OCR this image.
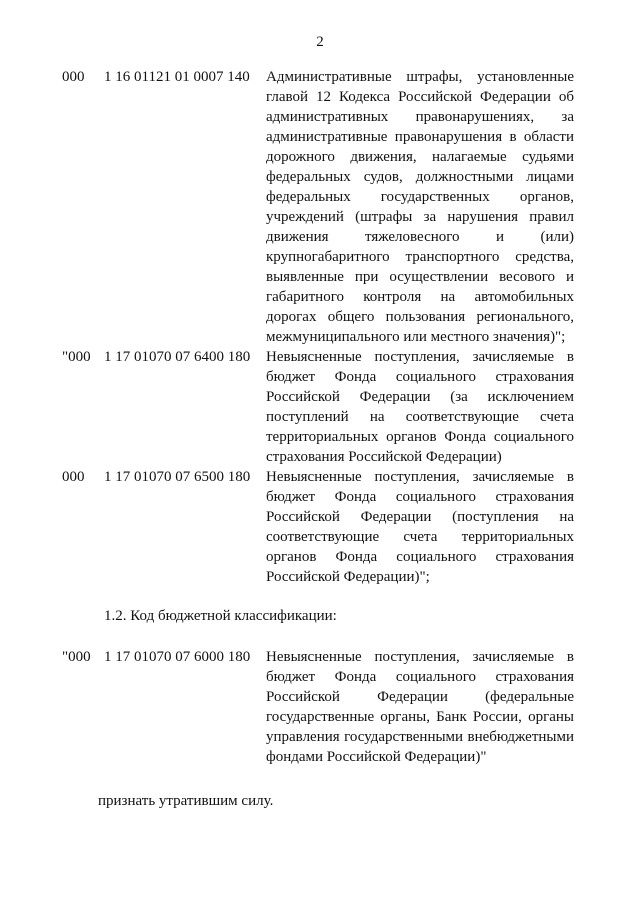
2
000	1 16 01121 01 0007 140 Административные штрафы, установленные
главой 12 Кодекса Российской Федерации об
административных правонарушениях, за
административные правонарушения в области
дорожного движения, налагаемые судьями
федеральных судов, должностными лицами
федеральных государственных органов,
учреждений (штрафы за нарушения правил
движения тяжеловесного и (или)
крупногабаритного транспортного средства,
выявленные при осуществлении весового и
габаритного контроля на автомобильных
дорогах общего пользования регионального,
межмуниципального или местного значения)";
"000 1 17 01070 07 6400 180 Невыясненные поступления, зачисляемые в
бюджет Фонда социального страхования
Российской Федерации (за исключением
поступлений на соответствующие счета
территориальных органов Фонда социального
страхования Российской Федерации)
000	1 17 01070 07 6500 180 Невыясненные поступления, зачисляемые в
бюджет Фонда социального страхования
Российской Федерации (поступления на
соответствующие счета территориальных
органов Фонда социального страхования
Российской Федерации)";
1.2. Код бюджетной классификации:
"000 1 17 01070 07 6000 180 Невыясненные поступления, зачисляемые в
бюджет Фонда социального страхования
Российской Федерации (федеральные
государственные органы, Банк России, органы
управления государственными внебюджетными
фондами Российской Федерации)"
признать утратившим силу.
